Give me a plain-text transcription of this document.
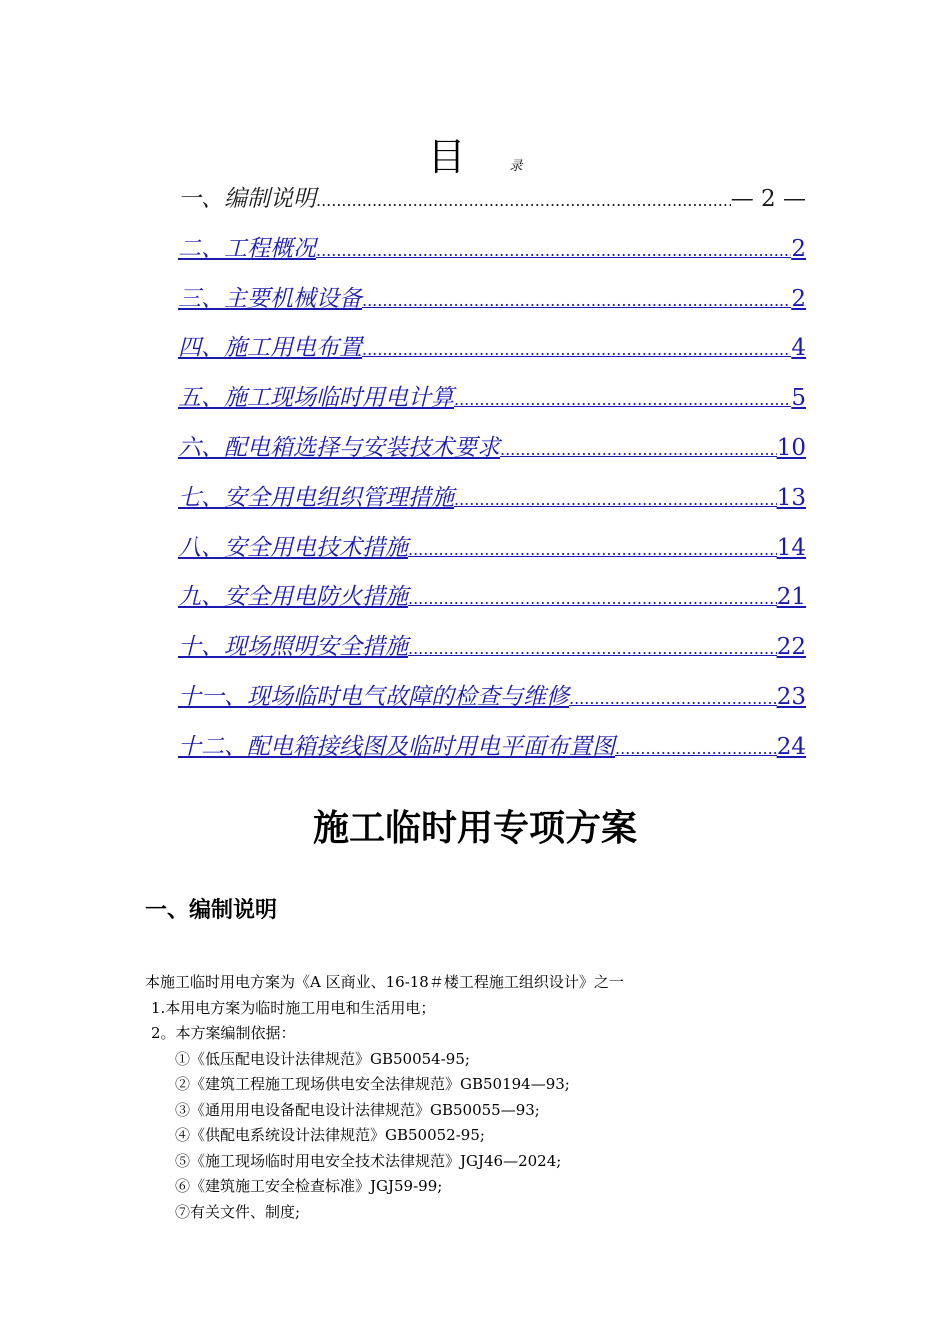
目	录
一、编制说明 .....	— 2 —
二、工程概况 .....	2
三、主要机械设备 .....	2
四、施工用电布置 .....	4
五、施工现场临时用电计算 .....	5
六、配电箱选择与安装技术要求 .....	10
七、安全用电组织管理措施 .....	13
八、安全用电技术措施 .....	14
九、安全用电防火措施 .....	21
十、现场照明安全措施 .....	22
十一、现场临时电气故障的检查与维修 .....	23
十二、配电箱接线图及临时用电平面布置图 .....	24
施工临时用专项方案
一、编制说明
本施工临时用电方案为《A 区商业、16-18＃楼工程施工组织设计》之一
1.本用电方案为临时施工用电和生活用电；
2。本方案编制依据：
①《低压配电设计法律规范》GB50054-95;
②《建筑工程施工现场供电安全法律规范》GB50194—93;
③《通用用电设备配电设计法律规范》GB50055—93;
④《供配电系统设计法律规范》GB50052-95;
⑤《施工现场临时用电安全技术法律规范》JGJ46—2024;
⑥《建筑施工安全检查标准》JGJ59-99;
⑦有关文件、制度;
